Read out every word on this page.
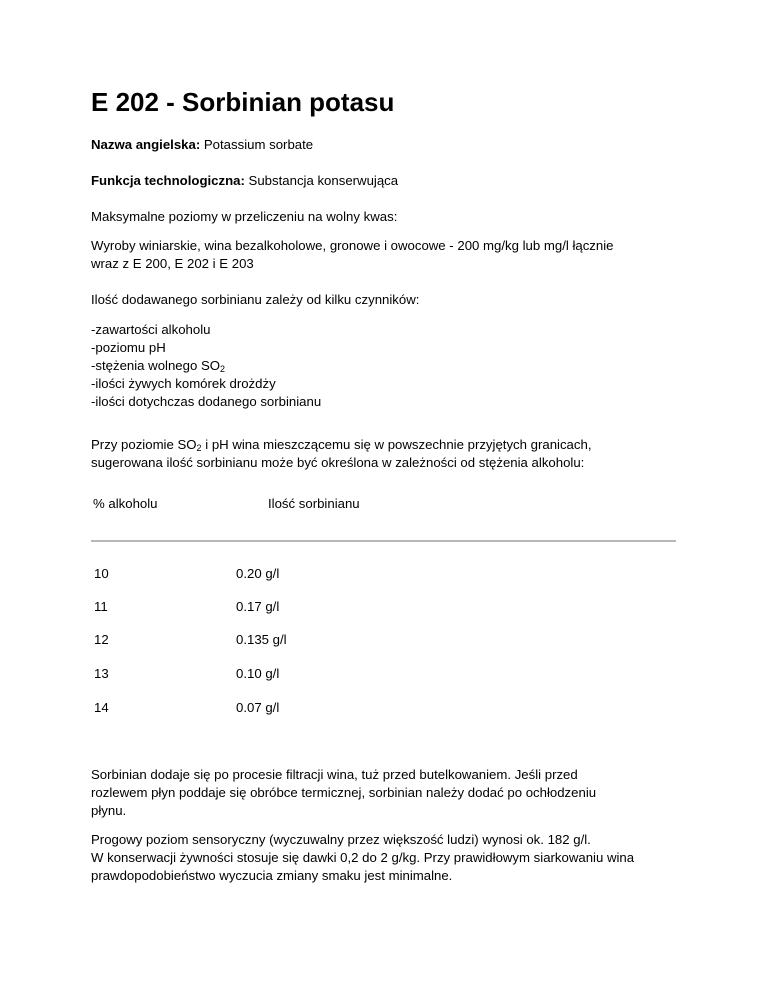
E 202 - Sorbinian potasu

Nazwa angielska: Potassium sorbate

Funkcja technologiczna: Substancja konserwująca

Maksymalne poziomy w przeliczeniu na wolny kwas:

Wyroby winiarskie, wina bezalkoholowe, gronowe i owocowe - 200 mg/kg lub mg/l łącznie
wraz z E 200, E 202 i E 203

Ilość dodawanego sorbinianu zależy od kilku czynników:

-zawartości alkoholu
-poziomu pH
-stężenia wolnego $SO_2$
-ilości żywych komórek drożdży
-ilości dotychczas dodanego sorbinianu

Przy poziomie $SO_2$ i pH wina mieszczącemu się w powszechnie przyjętych granicach,
sugerowana ilość sorbinianu może być określona w zależności od stężenia alkoholu:

% alkoholu	Ilość sorbinianu
10	0.20 g/l
11	0.17 g/l
12	0.135 g/l
13	0.10 g/l
14	0.07 g/l

Sorbinian dodaje się po procesie filtracji wina, tuż przed butelkowaniem. Jeśli przed
rozlewem płyn poddaje się obróbce termicznej, sorbinian należy dodać po ochłodzeniu
płynu.

Progowy poziom sensoryczny (wyczuwalny przez większość ludzi) wynosi ok. 182 g/l.
W konserwacji żywności stosuje się dawki 0,2 do 2 g/kg. Przy prawidłowym siarkowaniu wina
prawdopodobieństwo wyczucia zmiany smaku jest minimalne.
